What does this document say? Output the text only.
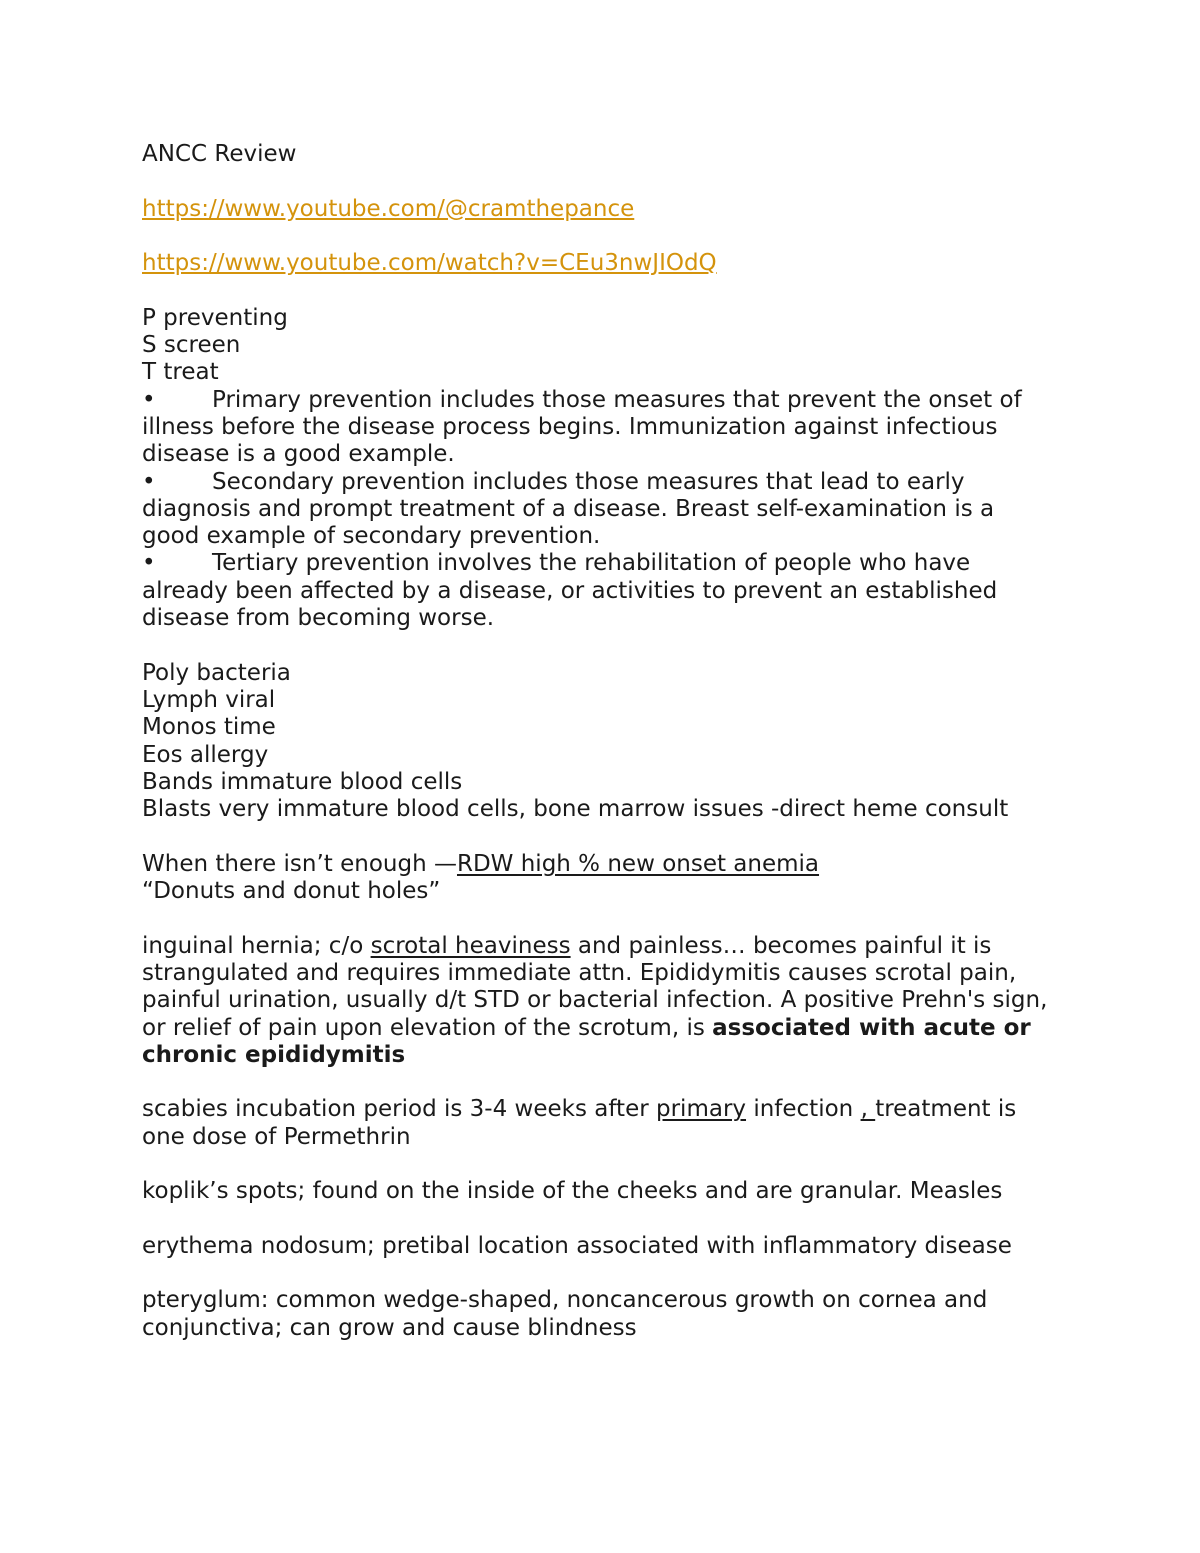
ANCC Review

https://www.youtube.com/@cramthepance

https://www.youtube.com/watch?v=CEu3nwJIOdQ

P preventing
S screen
T treat
• Primary prevention includes those measures that prevent the onset of illness before the disease process begins. Immunization against infectious disease is a good example.
• Secondary prevention includes those measures that lead to early diagnosis and prompt treatment of a disease. Breast self-examination is a good example of secondary prevention.
• Tertiary prevention involves the rehabilitation of people who have already been affected by a disease, or activities to prevent an established disease from becoming worse.
Poly bacteria
Lymph viral
Monos time
Eos allergy
Bands immature blood cells
Blasts very immature blood cells, bone marrow issues -direct heme consult
When there isn’t enough —RDW high % new onset anemia
“Donuts and donut holes”

inguinal hernia; c/o scrotal heaviness and painless… becomes painful it is strangulated and requires immediate attn. Epididymitis causes scrotal pain, painful urination, usually d/t STD or bacterial infection. A positive Prehn's sign, or relief of pain upon elevation of the scrotum, is associated with acute or chronic epididymitis

scabies incubation period is 3-4 weeks after primary infection , treatment is one dose of Permethrin

koplik’s spots; found on the inside of the cheeks and are granular. Measles

erythema nodosum; pretibal location associated with inflammatory disease

pteryglum: common wedge-shaped, noncancerous growth on cornea and conjunctiva; can grow and cause blindness
